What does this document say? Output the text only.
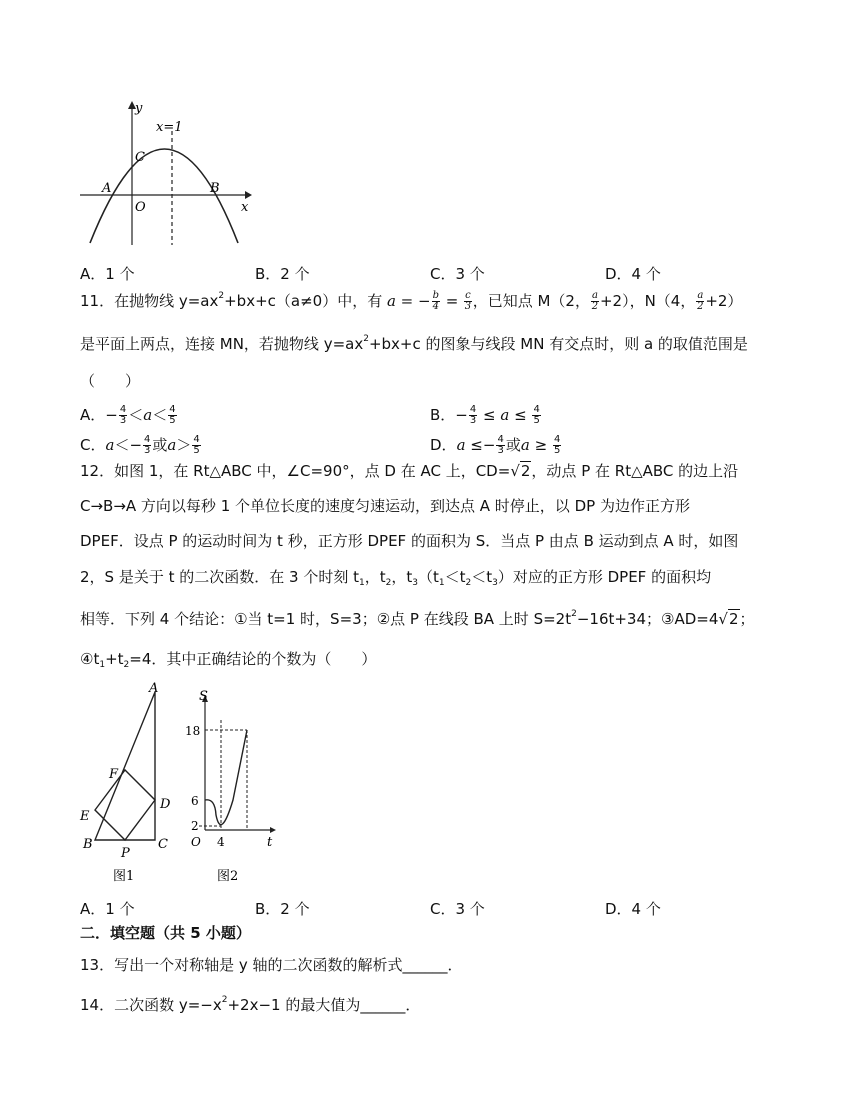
y
x=1
C
A	B
O	x
A．1 个	B．2 个	C．3 个	D．4 个
11．在抛物线 $y=ax^2+bx+c(a\ne 0)$中，有 a = − $\frac{b}{4} = \frac{c}{3}$ ，已知点 M（2， $\frac{a}{2} +2$），N（4， $\frac{a}{2} +2$）
是平面上两点，连接 MN，若抛物线 $y=ax^2+bx+c$ 的图象与线段 MN 有交点时，则 a 的取值范围是
（　　）
A．− $\frac{4}{3} <a< \frac{4}{5}$	B．− $\frac{4}{3} \le a \le \frac{4}{5}$
C．$a<- \frac{4}{3}$ 或$a> \frac{4}{5}$	D．$a \le- \frac{4}{3}$ 或$a \ge \frac{4}{5}$
12．如图 1，在 Rt△ABC 中，∠C=90°，点 D 在 AC 上，CD=√2，动点 P 在 Rt△ABC 的边上沿
C→B→A 方向以每秒 1 个单位长度的速度匀速运动，到达点 A 时停止，以 DP 为边作正方形
DPEF．设点 P 的运动时间为 t 秒，正方形 DPEF 的面积为 S．当点 P 由点 B 运动到点 A 时，如图
2，S 是关于 t 的二次函数．在 3 个时刻 $t_1$，$t_2$，$t_3(t_1<t_2<t_3)$对应的正方形 DPEF 的面积均
相等．下列 4 个结论：①当 t=1 时，S=3；②点 P 在线段 BA 上时 $S=2t^2-16t+34$；③AD=4√2；
$④t_1+t_2=4$．其中正确结论的个数为（　　）
A
F
D
E
B
P
C
图1
S
18
6
2
O 4	t
图2
A．1 个	B．2 个	C．3 个	D．4 个
二．填空题（共 5 小题）
13．写出一个对称轴是 y 轴的二次函数的解析式______．
14．二次函数 $y=-x^2+2x-1$ 的最大值为______．
